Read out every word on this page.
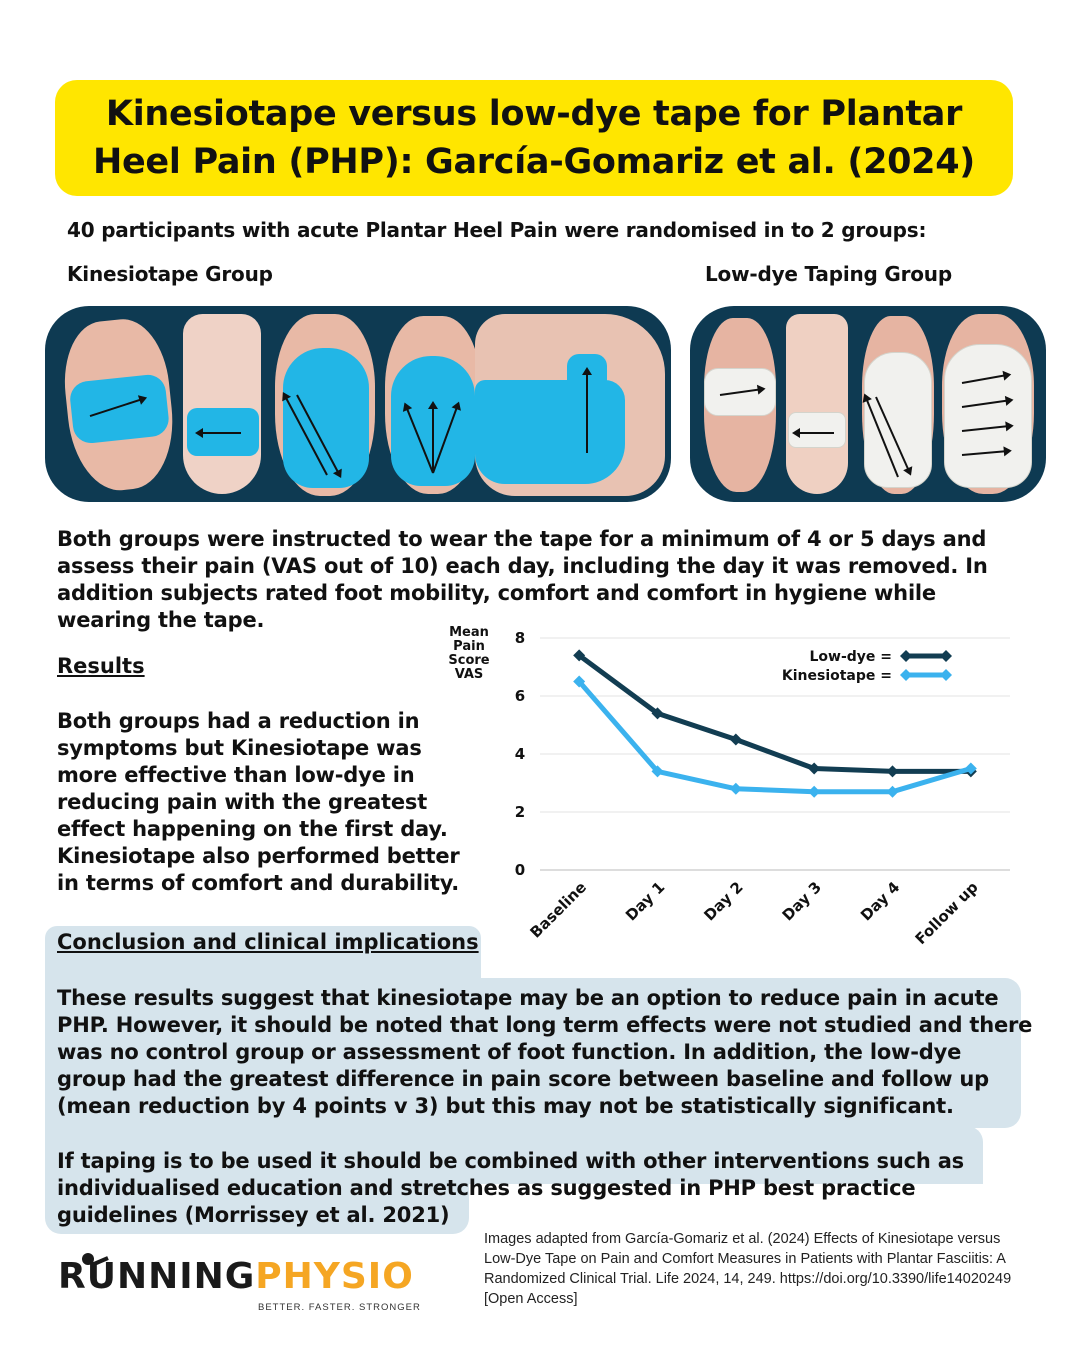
Kinesiotape versus low-dye tape for Plantar
Heel Pain (PHP): García-Gomariz et al. (2024)
40 participants with acute Plantar Heel Pain were randomised in to 2 groups:
Kinesiotape Group	Low-dye Taping Group
Both groups were instructed to wear the tape for a minimum of 4 or 5 days and assess their pain (VAS out of 10) each day, including the day it was removed. In addition subjects rated foot mobility, comfort and comfort in hygiene while wearing the tape.
Results
Both groups had a reduction in symptoms but Kinesiotape was more effective than low-dye in reducing pain with the greatest effect happening on the first day. Kinesiotape also performed better in terms of comfort and durability.
Mean
Pain
Score
VAS
0
2
4
6
8
Baseline Day 1 Day 2 Day 3 Day 4 Follow up
Low-dye =
Kinesiotape =
Conclusion and clinical implications
These results suggest that kinesiotape may be an option to reduce pain in acute PHP. However, it should be noted that long term effects were not studied and there was no control group or assessment of foot function. In addition, the low-dye group had the greatest difference in pain score between baseline and follow up (mean reduction by 4 points v 3) but this may not be statistically significant.
If taping is to be used it should be combined with other interventions such as individualised education and stretches as suggested in PHP best practice guidelines (Morrissey et al. 2021)
Images adapted from García-Gomariz et al. (2024) Effects of Kinesiotape versus Low-Dye Tape on Pain and Comfort Measures in Patients with Plantar Fasciitis: A Randomized Clinical Trial. Life 2024, 14, 249. https://doi.org/10.3390/life14020249 [Open Access]
RUNNINGPHYSIO
BETTER. FASTER. STRONGER
